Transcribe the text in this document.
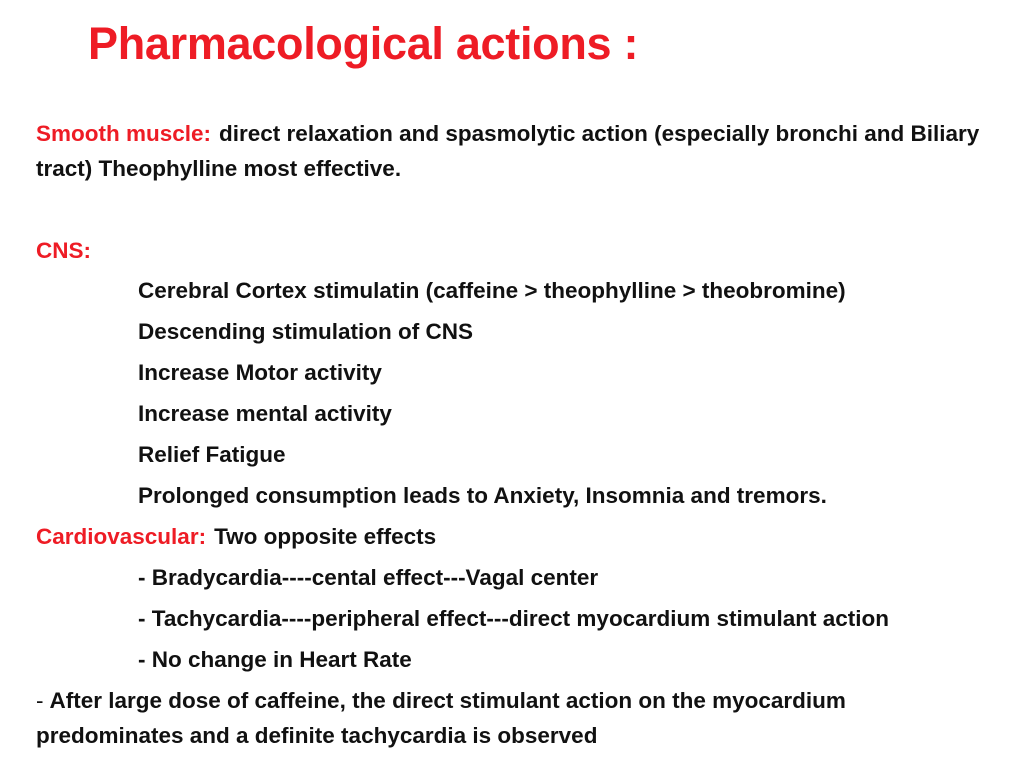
Pharmacological actions :
Smooth muscle: direct relaxation and spasmolytic action (especially bronchi and Biliary tract) Theophylline most effective.
CNS:
Cerebral Cortex stimulatin (caffeine > theophylline > theobromine)
Descending stimulation of CNS
Increase Motor activity
Increase mental activity
Relief Fatigue
Prolonged consumption leads to Anxiety, Insomnia and tremors.
Cardiovascular: Two opposite effects
- Bradycardia----cental effect---Vagal center
- Tachycardia----peripheral effect---direct myocardium stimulant action
- No change in Heart Rate
- After large dose of caffeine, the direct stimulant action on the myocardium predominates and a definite tachycardia is observed
